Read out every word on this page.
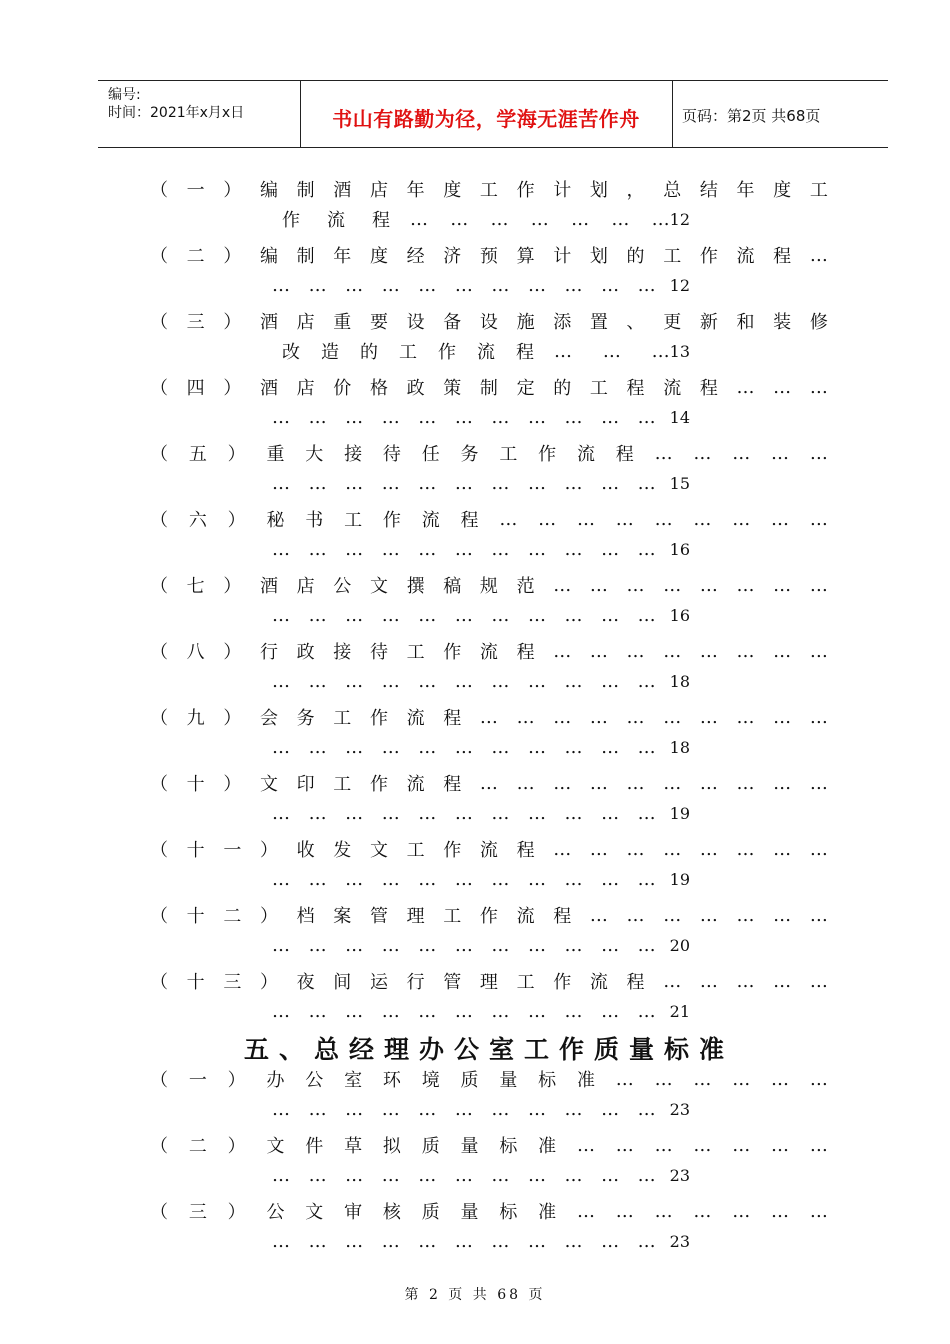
编号:
时间：2021年x月x日	书山有路勤为径，学海无涯苦作舟	页码：第2页 共68页
（ 一 ） 编 制 酒 店 年 度 工 作 计 划 ， 总 结 年 度 工
作 流 程 … … … … … … … 12
（ 二 ） 编 制 年 度 经 济 预 算 计 划 的 工 作 流 程 …
… … … … … … … … … … … 12
（ 三 ） 酒 店 重 要 设 备 设 施 添 置 、 更 新 和 装 修
改 造 的 工 作 流 程 … … … 13
（ 四 ） 酒 店 价 格 政 策 制 定 的 工 程 流 程 … … …
… … … … … … … … … … … 14
（ 五 ） 重 大 接 待 任 务 工 作 流 程 … … … … …
… … … … … … … … … … … 15
（ 六 ） 秘 书 工 作 流 程 … … … … … … … … …
… … … … … … … … … … … 16
（ 七 ） 酒 店 公 文 撰 稿 规 范 … … … … … … … …
… … … … … … … … … … … 16
（ 八 ） 行 政 接 待 工 作 流 程 … … … … … … … …
… … … … … … … … … … … 18
（ 九 ） 会 务 工 作 流 程 … … … … … … … … … …
… … … … … … … … … … … 18
（ 十 ） 文 印 工 作 流 程 … … … … … … … … … …
… … … … … … … … … … … 19
（ 十 一 ） 收 发 文 工 作 流 程 … … … … … … … …
… … … … … … … … … … … 19
（ 十 二 ） 档 案 管 理 工 作 流 程 … … … … … … …
… … … … … … … … … … … 20
（ 十 三 ） 夜 间 运 行 管 理 工 作 流 程 … … … … …
… … … … … … … … … … … 21
（ 一 ） 办 公 室 环 境 质 量 标 准 … … … … … …
… … … … … … … … … … … 23
（ 二 ） 文 件 草 拟 质 量 标 准 … … … … … … …
… … … … … … … … … … … 23
（ 三 ） 公 文 审 核 质 量 标 准 … … … … … … …
… … … … … … … … … … … 23
五、总经理办公室工作质量标准
第 2 页 共 68 页
